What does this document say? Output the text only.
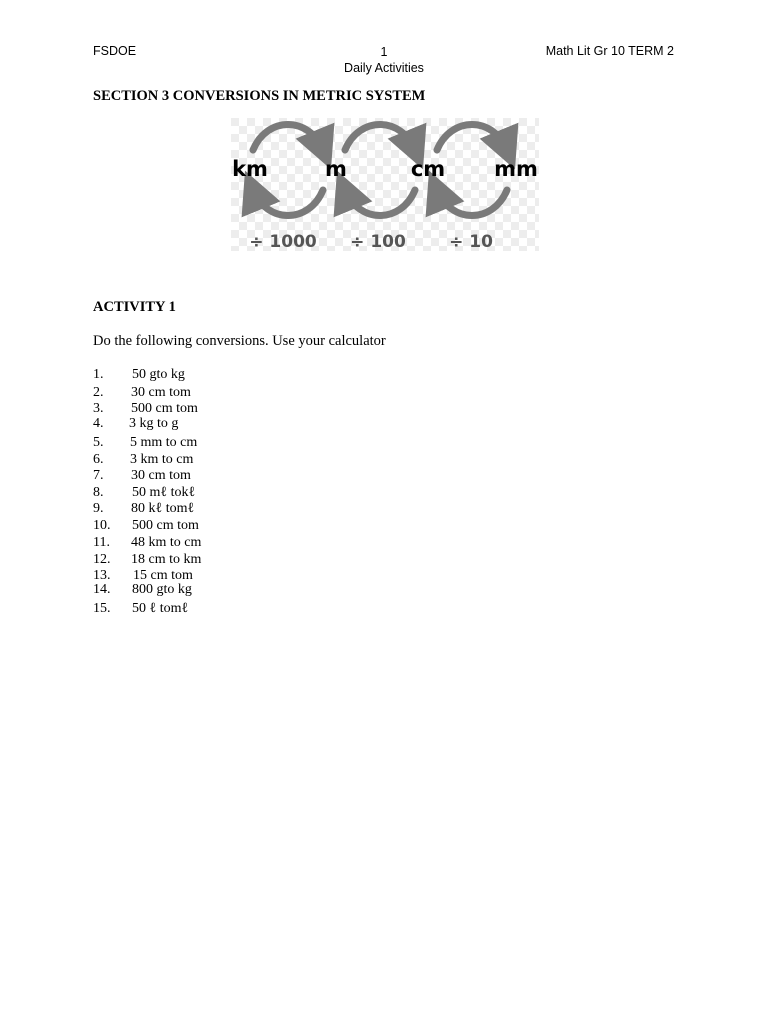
FSDOE	1
Daily Activities
Math Lit Gr 10 TERM 2
SECTION 3 CONVERSIONS IN METRIC SYSTEM
km	m	cm mm
÷ 1000 ÷ 100	÷ 10
ACTIVITY 1
Do the following conversions. Use your calculator
1. 50 gto kg
2. 30 cm tom
3. 500 cm tom
4. 3 kg to g
5. 5 mm to cm
6. 3 km to cm
7. 30 cm tom
8. 50 mℓ tokℓ
9. 80 kℓ tomℓ
10. 500 cm tom
11. 48 km to cm
12. 18 cm to km
13. 15 cm tom
14. 800 gto kg
15. 50 ℓ tomℓ
